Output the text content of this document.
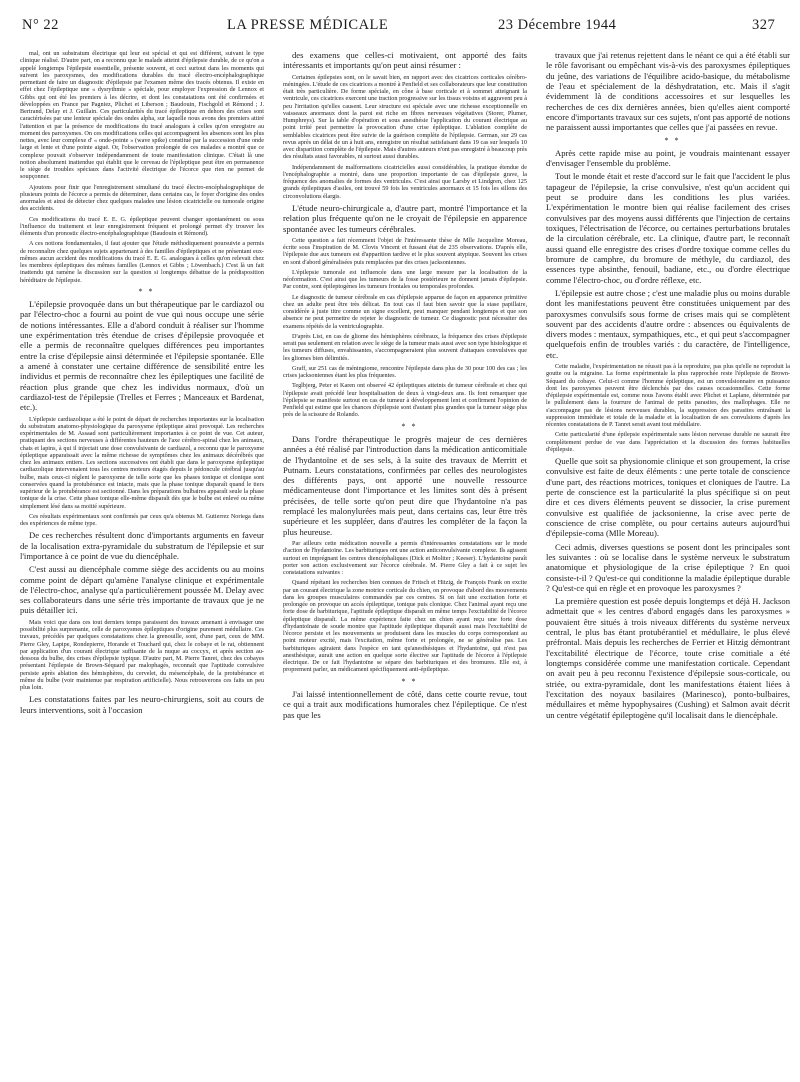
N° 22	LA PRESSE MÉDICALE	23 Décembre 1944	327

mal, ont un substratum électrique qui leur est spécial et qui est différent, suivant le type clinique réalisé. D'autre part, on a reconnu que le malade atteint d'épilepsie durable, de ce qu'on a appelé longtemps l'épilepsie essentielle, présente souvent, et ceci surtout dans les moments qui suivent les paroxysmes, des modifications durables du tracé électro-encéphalographique permettant de faire un diagnostic d'épilepsie par l'examen même des tracés obtenus. Il existe en effet chez l'épileptique une « dysrythmie » spéciale, pour employer l'expression de Lennox et Gibbs qui ont été les premiers à les décrire, et dont les constatations ont été confirmées et développées en France par Pagniez, Plichet et Liberson ; Baudouin, Fischgold et Rémond ; J. Bertrand, Delay et J. Guillain. Ces particularités du tracé épileptique en dehors des crises sont caractérisées par une lenteur spéciale des ondes alpha, sur laquelle nous avons des premiers attiré l'attention et par la présence de modifications du tracé analogues à celles qu'on enregistre au moment des paroxysmes. On ces modifications celles qui accompagnent les absences sont les plus nettes, avec leur complexe d' « onde-pointe » (wave spike) constitué par la succession d'une onde large et lente et d'une pointe aiguë. Or, l'observation prolongée de ces malades a montré que ce complexe pouvait s'observer indépendamment de toute manifestation clinique. C'était là une notion absolument inattendue qui établit que le cerveau de l'épileptique peut être en permanence le siège de troubles spéciaux dans l'activité électrique de l'écorce que rien ne permet de soupçonner.

Ajoutons pour finir que l'enregistrement simultané du tracé électro-encéphalographique de plusieurs points de l'écorce a permis de déterminer, dans certains cas, le foyer d'origine des ondes anormales et ainsi de détecter chez quelques malades une lésion cicatricielle ou tumorale origine des accidents.

Ces modifications du tracé E. E. G. épileptique peuvent changer spontanément ou sous l'influence du traitement et leur enregistrement fréquent et prolongé permet d'y trouver les éléments d'un pronostic électro-encéphalographique (Baudouin et Rémond).

A ces notions fondamentales, il faut ajouter que l'étude méthodiquement poursuivie a permis de reconnaître chez quelques sujets appartenant à des familles d'épileptiques et ne présentant eux-mêmes aucun accident des modifications du tracé E. E. G. analogues à celles qu'on relevait chez les membres épileptiques des mêmes familles (Lennox et Gibbs ; Löwenbach.) C'est là un fait inattendu qui ramène la discussion sur la question si longtemps débattue de la prédisposition héréditaire de l'épilepsie.

* *

L'épilepsie provoquée dans un but thérapeutique par le cardiazol ou par l'électro-choc a fourni au point de vue qui nous occupe une série de notions intéressantes. Elle a d'abord conduit à réaliser sur l'homme une expérimentation très étendue de crises d'épilepsie provoquée et elle a permis de reconnaître quelques différences peu importantes entre la crise d'épilepsie ainsi déterminée et l'épilepsie spontanée. Elle a amené à constater une certaine différence de sensibilité entre les individus et permis de reconnaître chez les épileptiques une facilité de réaction plus grande que chez les individus normaux, d'où un cardiazol-test de l'épilepsie (Trelles et Ferres ; Manceaux et Bardenat, etc.).

L'épilepsie cardiazolique a été le point de départ de recherches importantes sur la localisation du substratum anatomo-physiologique du paroxysme épileptique ainsi provoqué. Les recherches expérimentales de M. Assaad sont particulièrement importantes à ce point de vue. Cet auteur, pratiquant des sections nerveuses à différentes hauteurs de l'axe cérébro-spinal chez les animaux, chats et lapins, à qui il injectait une dose convulsivante de cardiazol, a reconnu que le paroxysme épileptique apparaissait avec la même richesse de symptômes chez les animaux décérébrés que chez les animaux entiers. Les sections successives ont établi que dans le paroxysme épileptique cardiazolique intervenaient tous les centres moteurs étagés depuis le pédoncule cérébral jusqu'au bulbe, mais ceux-ci réglent le paroxysme de telle sorte que les phases tonique et clonique sont conservées quand la protubérance est intacte, mais que la phase tonique disparaît quand le tiers supérieur de la protubérance est sectionné. Dans les préparations bulbaires apparaît seule la phase tonique de la crise. Cette phase tonique elle-même disparaît dès que le bulbe est enlevé ou même simplement lésé dans sa moitié supérieure.

Ces résultats expérimentaux sont confirmés par ceux qu'a obtenus M. Gutierrez Noriega dans des expériences de même type.

De ces recherches résultent donc d'importants arguments en faveur de la localisation extra-pyramidale du substratum de l'épilepsie et sur l'importance à ce point de vue du diencéphale.

C'est aussi au diencéphale comme siège des accidents ou au moins comme point de départ qu'amène l'analyse clinique et expérimentale de l'électro-choc, analyse qu'a particulièrement poussée M. Delay avec ses collaborateurs dans une série très importante de travaux que je ne puis détailler ici.

Mais voici que dans ces tout derniers temps paraissent des travaux amenant à envisager une possibilité plus surprenante, celle de paroxysmes épileptiques d'origine purement médullaire. Ces travaux, précédés par quelques constatations chez la grenouille, sont, d'une part, ceux de MM. Pierre Gley, Lapipe, Rondepierre, Horande et Touchard qui, chez le cobaye et le rat, obtiennent par application d'un courant électrique suffisante de la nuque au coccyx, et après section au-dessous du bulbe, des crises d'épilepsie typique. D'autre part, M. Pierre Tanret, chez des cobayes présentant l'épilepsie de Brown-Séquard par malophagés, reconnaît que l'aptitude convulsive persiste après ablation des hémisphères, du cervelet, du mésencéphale, de la protubérance et même du bulbe (voir maintenue par respiration artificielle). Nous retrouverons ces faits un peu plus loin.

Les constatations faites par les neuro-chirurgiens, soit au cours de leurs interventions, soit à l'occasion

des examens que celles-ci motivaient, ont apporté des faits intéressants et importants qu'on peut ainsi résumer :

Certaines épilepsies sont, on le savait bien, en rapport avec des cicatrices corticales cérébro-méningées. L'étude de ces cicatrices a montré à Penfield et ses collaborateurs que leur constitution était très particulière. De forme spéciale, en cône à base corticale et à sommet atteignant la ventricule, ces cicatrices exercent une traction progressive sur les tissus voisins et aggravent peu à peu l'irritation qu'elles causent. Leur structure est spéciale avec une richesse exceptionnelle en vaisseaux anormaux dont la paroi est riche en fibres nerveuses végétatives (Storer, Plumer, Humphreys). Sur la table d'opération et sous anesthésie l'application du courant électrique au point irrité peut permettre la provocation d'une crise épileptique. L'ablation complète de semblables cicatrices peut être suivie de la guérison complète de l'épilepsie. German, sur 29 cas revus après un délai de un à huit ans, enregistre un résultat satisfaisant dans 19 cas sur lesquels 10 avec disparition complète de l'épilepsie. Mais d'autres auteurs n'ont pas enregistré à beaucoup près des résultats aussi favorables, ni surtout aussi durables.

Indépendamment de malformations cicatricielles aussi considérables, la pratique étendue de l'encéphalographie a montré, dans une proportion importante de cas d'épilepsie grave, la fréquence des anomalies de formes des ventricules. C'est ainsi que Larsby et Lindgren, chez 125 grands épileptiques d'asiles, ont trouvé 59 fois les ventricules anormaux et 15 fois les sillons des circonvolutions élargis.

L'étude neuro-chirurgicale a, d'autre part, montré l'importance et la relation plus fréquente qu'on ne le croyait de l'épilepsie en apparence spontanée avec les tumeurs cérébrales.

Cette question a fait récemment l'objet de l'intéressante thèse de Mlle Jacqueline Moreau, écrite sous l'inspiration de M. Clovis Vincent et fussant état de 235 observations. D'après elle, l'épilepsie due aux tumeurs est d'apparition tardive et le plus souvent atypique. Souvent les crises en sont d'abord généralisées puis remplacées par des crises jacksoniennes.

L'épilepsie tumorale est influencée dans une large mesure par la localisation de la néoformation. C'est ainsi que les tumeurs de la fosse postérieure ne donnent jamais d'épilepsie. Par contre, sont épileptogènes les tumeurs frontales ou temporales profondes.

Le diagnostic de tumeur cérébrale en cas d'épilepsie apparue de façon en apparence primitive chez un adulte peut être très délicat. En tout cas il faut bien savoir que la stase papillaire, considérée à juste titre comme un signe excellent, peut manquer pendant longtemps et que son absence ne peut permettre de rejeter le diagnostic de tumeur. Ce diagnostic peut nécessiter des examens répétés de la ventriculographie.

D'après List, en cas de gliome des hémisphères cérébraux, la fréquence des crises d'épilepsie serait pas seulement en relation avec le siège de la tumeur mais aussi avec son type histologique et les tumeurs diffuses, envahissantes, s'accompagneraient plus souvent d'attaques convulsives que les gliomes bien délimités.

Graff, sur 251 cas de méningiome, rencontre l'épilepsie dans plus de 30 pour 100 des cas ; les crises jacksoniennes étant les plus fréquentes.

Teglbjerg, Peter et Karen ont observé 42 épileptiques atteints de tumeur cérébrale et chez qui l'épilepsie avait précédé leur hospitalisation de deux à vingt-deux ans. Ils font remarquer que l'épilepsie se manifeste surtout en cas de tumeur à développement lent et confirment l'opinion de Penfield qui estime que les chances d'épilepsie sont d'autant plus grandes que la tumeur siège plus près de la scissure de Rolando.

* *

Dans l'ordre thérapeutique le progrès majeur de ces dernières années a été réalisé par l'introduction dans la médication anticomitiale de l'hydantoïne et de ses sels, à la suite des travaux de Merritt et Putnam. Leurs constatations, confirmées par celles des neurologistes des différents pays, ont apporté une nouvelle ressource médicamenteuse dont l'importance et les limites sont dès à présent précisées, de telle sorte qu'on peut dire que l'hydantoïne n'a pas remplacé les malonylurées mais peut, dans certains cas, leur être très supérieure et les suppléer, dans d'autres les compléter de la façon la plus heureuse.

Par ailleurs cette médication nouvelle a permis d'intéressantes constatations sur le mode d'action de l'hydantoïne. Les barbituriques ont une action anticonvulsivante complexe. Ils agissent surtout en imprégnant les centres diencéphaliques (Dick et Moliter ; Keeser). L'hydantoïne paraît porter son action exclusivement sur l'écorce cérébrale. M. Pierre Gley a fait à ce sujet les constatations suivantes :

Quand répétant les recherches bien connues de Fritsch et Hitzig, de François Frank on excite par un courant électrique la zone motrice corticale du chien, on provoque d'abord des mouvements dans les groupes musculaires commandés par ces centres. Si on fait une excitation forte et prolongée on provoque un accès épileptique, tonique puis clonique. Chez l'animal ayant reçu une forte dose de barbiturique, l'aptitude épileptique disparaît en même temps l'excitabilité de l'écorce épileptique disparaît. La même expérience faite chez un chien ayant reçu une forte dose d'hydantoïnate de soude montre que l'aptitude épileptique disparaît aussi mais l'excitabilité de l'écorce persiste et les mouvements se produisent dans les muscles du corps correspondant au point moteur excité, mais l'excitation, même forte et prolongée, ne se généralise pas. Les barbituriques agiraient dans l'espèce en tant qu'anesthésiques et l'hydantoïne, qui n'est pas anesthésique, aurait une action en quelque sorte élective sur l'aptitude de l'écorce à l'épilepsie électrique. De ce fait l'hydantoïne se sépare des barbituriques et des bromures. Elle est, à proprement parler, un médicament spécifiquement anti-épileptique.

* *

J'ai laissé intentionnellement de côté, dans cette courte revue, tout ce qui a trait aux modifications humorales chez l'épileptique. Ce n'est pas que les

travaux que j'ai retenus rejettent dans le néant ce qui a été établi sur le rôle favorisant ou empêchant vis-à-vis des paroxysmes épileptiques du jeûne, des variations de l'équilibre acido-basique, du métabolisme de l'eau et spécialement de la déshydratation, etc. Mais il s'agit évidemment là de conditions accessoires et sur lesquelles les recherches de ces dix dernières années, bien qu'elles aient comporté encore d'importants travaux sur ces sujets, n'ont pas apporté de notions ne paraissent aussi importantes que celles que j'ai passées en revue.

* *

Après cette rapide mise au point, je voudrais maintenant essayer d'envisager l'ensemble du problème.

Tout le monde était et reste d'accord sur le fait que l'accident le plus tapageur de l'épilepsie, la crise convulsive, n'est qu'un accident qui peut se produire dans les conditions les plus variées. L'expérimentation le montre bien qui réalise facilement des crises convulsives par des moyens aussi différents que l'injection de certains toxiques, l'électrisation de l'écorce, ou certaines perturbations brutales de la circulation cérébrale, etc. La clinique, d'autre part, le reconnaît aussi quand elle enregistre des crises d'ordre toxique comme celles du bromure de camphre, du bromure de méthyle, du cardiazol, des essences type absinthe, fenouil, badiane, etc., ou d'ordre électrique comme l'électro-choc, ou d'ordre réflexe, etc.

L'épilepsie est autre chose ; c'est une maladie plus ou moins durable dont les manifestations peuvent être constituées uniquement par des paroxysmes convulsifs sous forme de crises mais qui se complètent souvent par des accidents d'autre ordre : absences ou équivalents de divers modes : mentaux, sympathiques, etc., et qui peut s'accompagner quelquefois enfin de troubles variés : du caractère, de l'intelligence, etc.

Cette maladie, l'expérimentation ne réussit pas à la reproduire, pas plus qu'elle ne reproduit la goutte ou la migraine. La forme expérimentale la plus rapprochée reste l'épilepsie de Brown-Séquard du cobaye. Celui-ci comme l'homme épileptique, est un convulsionnaire en puissance dont les paroxysmes peuvent être déclenchés par des causes occasionnelles. Cette forme d'épilepsie expérimentale est, comme nous l'avons établi avec Plichet et Laplane, déterminée par le pullulement dans la fourrure de l'animal de petits parasites, des mallophages. Elle ne s'accompagne pas de lésions nerveuses durables, la suppression des parasites entraînant la suppression immédiate et totale de la maladie et la localisation de ses convulsions d'après les récentes constatations de P. Tanret serait avant tout médullaire.

Cette particularité d'une épilepsie expérimentale sans lésion nerveuse durable ne saurait être complètement perdue de vue dans l'appréciation et la discussion des formes habituelles d'épilepsie.

Quelle que soit sa physionomie clinique et son groupement, la crise convulsive est faite de deux éléments : une perte totale de conscience d'une part, des réactions motrices, toniques et cloniques de l'autre. La perte de conscience est la particularité la plus spécifique si on peut dire et ces divers éléments peuvent se dissocier, la crise purement convulsive est qualifiée de jacksonienne, la crise avec perte de conscience de crise complète, ou pour certains auteurs aujourd'hui d'épilepsie-coma (Mlle Moreau).

Ceci admis, diverses questions se posent dont les principales sont les suivantes : où se localise dans le système nerveux le substratum anatomique et physiologique de la crise épileptique ? En quoi consiste-t-il ? Qu'est-ce qui conditionne la maladie épileptique durable ? Qu'est-ce qui en règle et en provoque les paroxysmes ?

La première question est posée depuis longtemps et déjà H. Jackson admettait que « les centres d'abord engagés dans les paroxysmes » pouvaient être situés à trois niveaux différents du système nerveux central, le plus bas étant protubérantiel et médullaire, le plus élevé préfrontal. Mais depuis les recherches de Ferrier et Hitzig démontrant l'excitabilité électrique de l'écorce, toute crise comitiale a été longtemps considérée comme une manifestation corticale. Cependant on avait peu à peu reconnu l'existence d'épilepsie sous-corticale, ou striée, ou extra-pyramidale, dont les manifestations étaient liées à l'excitation des noyaux basilaires (Marinesco), ponto-bulbaires, médullaires et même hypophysaires (Cushing) et Salmon avait décrit un centre végétatif épileptogène qu'il localisait dans le diencéphale.
